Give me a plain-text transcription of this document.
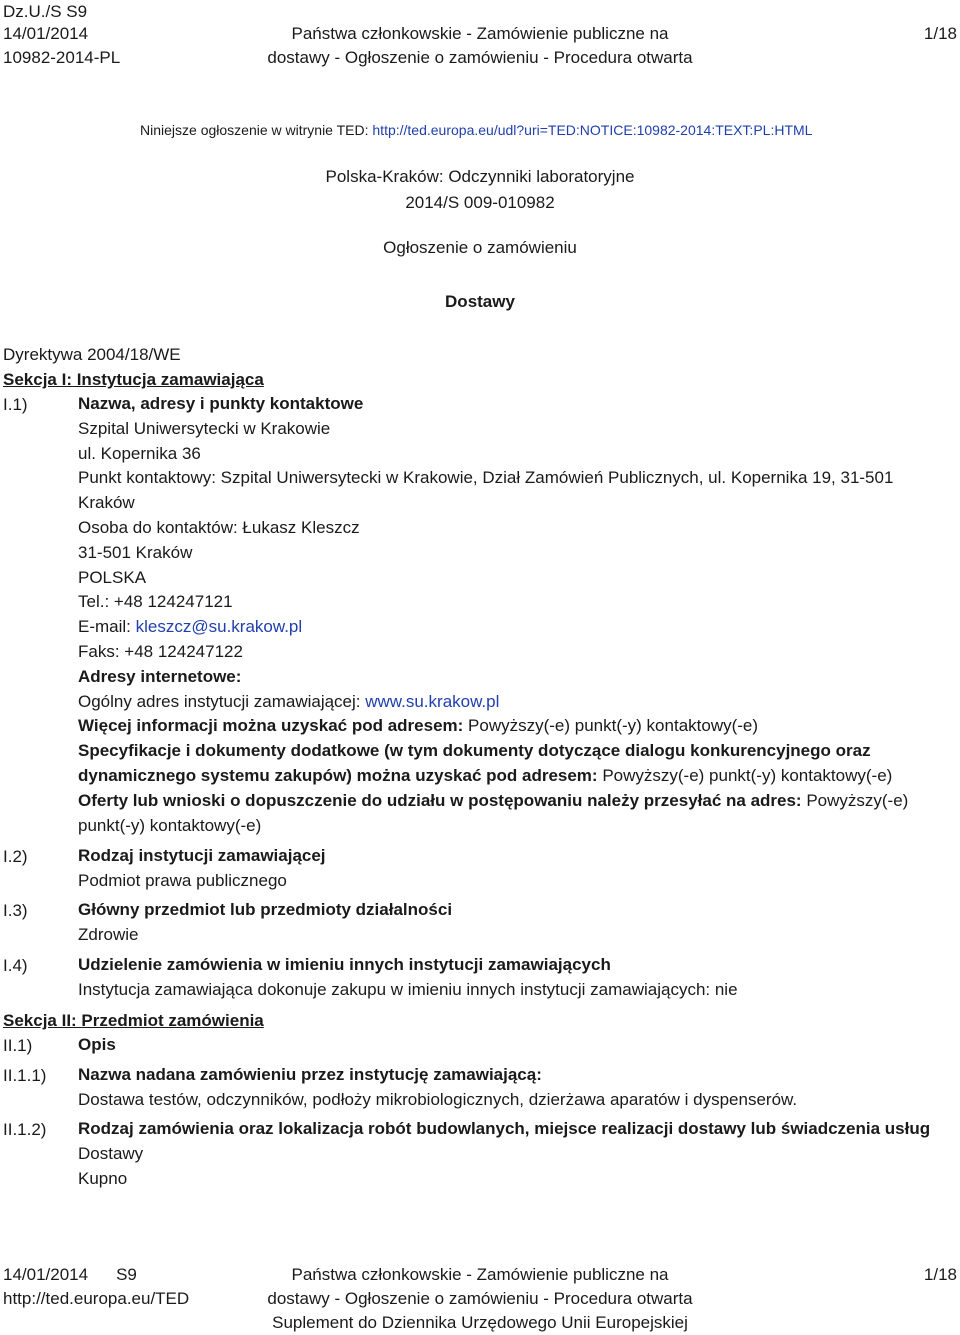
Dz.U./S S9
14/01/2014	Państwa członkowskie - Zamówienie publiczne na	1/18
10982-2014-PL	dostawy - Ogłoszenie o zamówieniu - Procedura otwarta
Niniejsze ogłoszenie w witrynie TED: http://ted.europa.eu/udl?uri=TED:NOTICE:10982-2014:TEXT:PL:HTML
Polska-Kraków: Odczynniki laboratoryjne
2014/S 009-010982
Ogłoszenie o zamówieniu
Dostawy
Dyrektywa 2004/18/WE
Sekcja I: Instytucja zamawiająca
I.1)	Nazwa, adresy i punkty kontaktowe
Szpital Uniwersytecki w Krakowie
ul. Kopernika 36
Punkt kontaktowy: Szpital Uniwersytecki w Krakowie, Dział Zamówień Publicznych, ul. Kopernika 19, 31-501 Kraków
Osoba do kontaktów: Łukasz Kleszcz
31-501 Kraków
POLSKA
Tel.: +48 124247121
E-mail: kleszcz@su.krakow.pl
Faks: +48 124247122
Adresy internetowe:
Ogólny adres instytucji zamawiającej: www.su.krakow.pl
Więcej informacji można uzyskać pod adresem: Powyższy(-e) punkt(-y) kontaktowy(-e)
Specyfikacje i dokumenty dodatkowe (w tym dokumenty dotyczące dialogu konkurencyjnego oraz dynamicznego systemu zakupów) można uzyskać pod adresem: Powyższy(-e) punkt(-y) kontaktowy(-e)
Oferty lub wnioski o dopuszczenie do udziału w postępowaniu należy przesyłać na adres: Powyższy(-e) punkt(-y) kontaktowy(-e)
I.2)	Rodzaj instytucji zamawiającej
Podmiot prawa publicznego
I.3)	Główny przedmiot lub przedmioty działalności
Zdrowie
I.4)	Udzielenie zamówienia w imieniu innych instytucji zamawiających
Instytucja zamawiająca dokonuje zakupu w imieniu innych instytucji zamawiających: nie
Sekcja II: Przedmiot zamówienia
II.1)	Opis
II.1.1) Nazwa nadana zamówieniu przez instytucję zamawiającą:
Dostawa testów, odczynników, podłoży mikrobiologicznych, dzierżawa aparatów i dyspenserów.
II.1.2) Rodzaj zamówienia oraz lokalizacja robót budowlanych, miejsce realizacji dostawy lub świadczenia usług
Dostawy
Kupno
14/01/2014 S9	Państwa członkowskie - Zamówienie publiczne na	1/18
http://ted.europa.eu/TED	dostawy - Ogłoszenie o zamówieniu - Procedura otwarta
Suplement do Dziennika Urzędowego Unii Europejskiej
